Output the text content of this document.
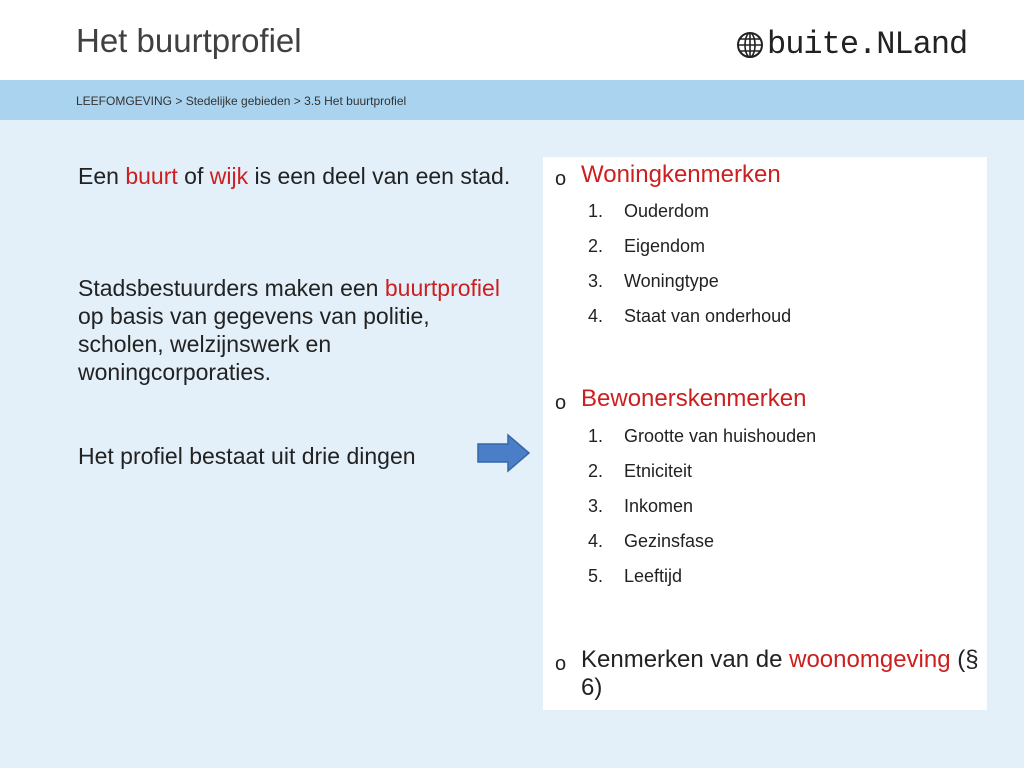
Het buurtprofiel	buite.NLand
LEEFOMGEVING > Stedelijke gebieden > 3.5 Het buurtprofiel
Een buurt of wijk is een deel van een stad.
Stadsbestuurders maken een buurtprofiel op basis van gegevens van politie, scholen, welzijnswerk en woningcorporaties.
Het profiel bestaat uit drie dingen
o Woningkenmerken
1. Ouderdom
2. Eigendom
3. Woningtype
4. Staat van onderhoud
o Bewonerskenmerken
1. Grootte van huishouden
2. Etniciteit
3. Inkomen
4. Gezinsfase
5. Leeftijd
o Kenmerken van de woonomgeving (§ 6)
